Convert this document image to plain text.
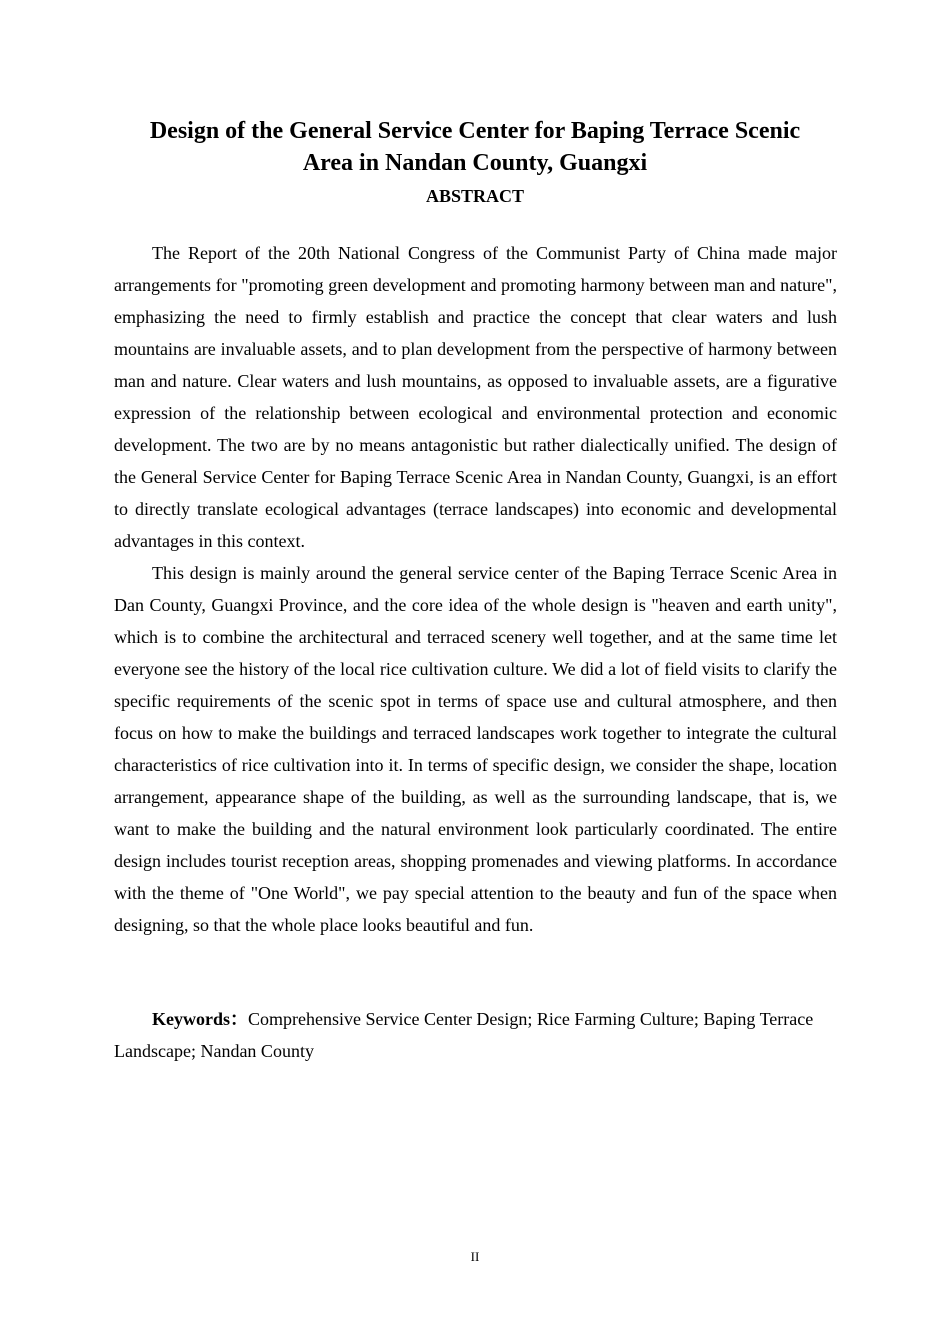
Design of the General Service Center for Baping Terrace Scenic
Area in Nandan County, Guangxi
ABSTRACT

The Report of the 20th National Congress of the Communist Party of China made major arrangements for "promoting green development and promoting harmony between man and nature", emphasizing the need to firmly establish and practice the concept that clear waters and lush mountains are invaluable assets, and to plan development from the perspective of harmony between man and nature. Clear waters and lush mountains, as opposed to invaluable assets, are a figurative expression of the relationship between ecological and environmental protection and economic development. The two are by no means antagonistic but rather dialectically unified. The design of the General Service Center for Baping Terrace Scenic Area in Nandan County, Guangxi, is an effort to directly translate ecological advantages (terrace landscapes) into economic and developmental advantages in this context.

This design is mainly around the general service center of the Baping Terrace Scenic Area in Dan County, Guangxi Province, and the core idea of the whole design is "heaven and earth unity", which is to combine the architectural and terraced scenery well together, and at the same time let everyone see the history of the local rice cultivation culture. We did a lot of field visits to clarify the specific requirements of the scenic spot in terms of space use and cultural atmosphere, and then focus on how to make the buildings and terraced landscapes work together to integrate the cultural characteristics of rice cultivation into it. In terms of specific design, we consider the shape, location arrangement, appearance shape of the building, as well as the surrounding landscape, that is, we want to make the building and the natural environment look particularly coordinated. The entire design includes tourist reception areas, shopping promenades and viewing platforms. In accordance with the theme of "One World", we pay special attention to the beauty and fun of the space when designing, so that the whole place looks beautiful and fun.

Keywords：Comprehensive Service Center Design; Rice Farming Culture; Baping Terrace Landscape; Nandan County

II
